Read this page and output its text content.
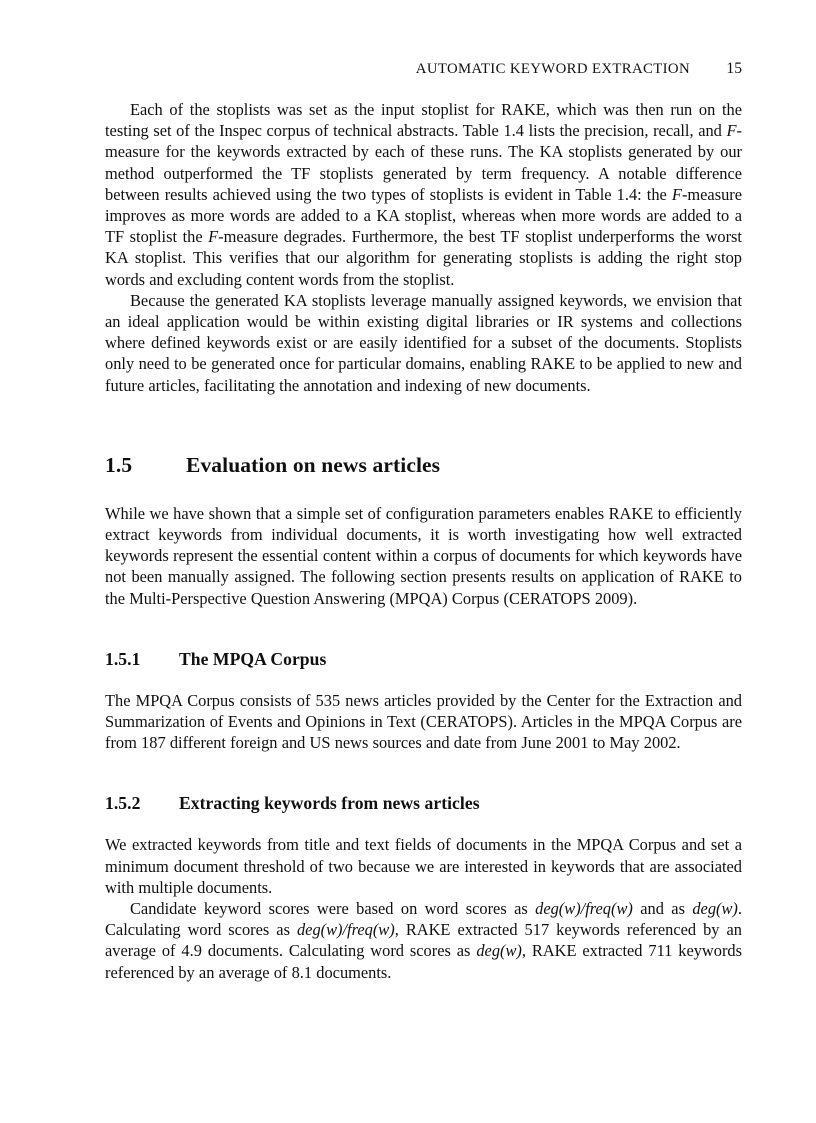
AUTOMATIC KEYWORD EXTRACTION	15

Each of the stoplists was set as the input stoplist for RAKE, which was then run on the testing set of the Inspec corpus of technical abstracts. Table 1.4 lists the precision, recall, and F-measure for the keywords extracted by each of these runs. The KA stoplists generated by our method outperformed the TF stoplists generated by term frequency. A notable difference between results achieved using the two types of stoplists is evident in Table 1.4: the F-measure improves as more words are added to a KA stoplist, whereas when more words are added to a TF stoplist the F-measure degrades. Furthermore, the best TF stoplist underperforms the worst KA stoplist. This verifies that our algorithm for generating stoplists is adding the right stop words and excluding content words from the stoplist.

Because the generated KA stoplists leverage manually assigned keywords, we envision that an ideal application would be within existing digital libraries or IR systems and collections where defined keywords exist or are easily identified for a subset of the documents. Stoplists only need to be generated once for particular domains, enabling RAKE to be applied to new and future articles, facilitating the annotation and indexing of new documents.

1.5	Evaluation on news articles

While we have shown that a simple set of configuration parameters enables RAKE to efficiently extract keywords from individual documents, it is worth investigating how well extracted keywords represent the essential content within a corpus of documents for which keywords have not been manually assigned. The following section presents results on application of RAKE to the Multi-Perspective Question Answering (MPQA) Corpus (CERATOPS 2009).

1.5.1	The MPQA Corpus

The MPQA Corpus consists of 535 news articles provided by the Center for the Extraction and Summarization of Events and Opinions in Text (CERATOPS). Articles in the MPQA Corpus are from 187 different foreign and US news sources and date from June 2001 to May 2002.

1.5.2	Extracting keywords from news articles

We extracted keywords from title and text fields of documents in the MPQA Corpus and set a minimum document threshold of two because we are interested in keywords that are associated with multiple documents.

Candidate keyword scores were based on word scores as deg(w)/freq(w) and as deg(w). Calculating word scores as deg(w)/freq(w), RAKE extracted 517 keywords referenced by an average of 4.9 documents. Calculating word scores as deg(w), RAKE extracted 711 keywords referenced by an average of 8.1 documents.
